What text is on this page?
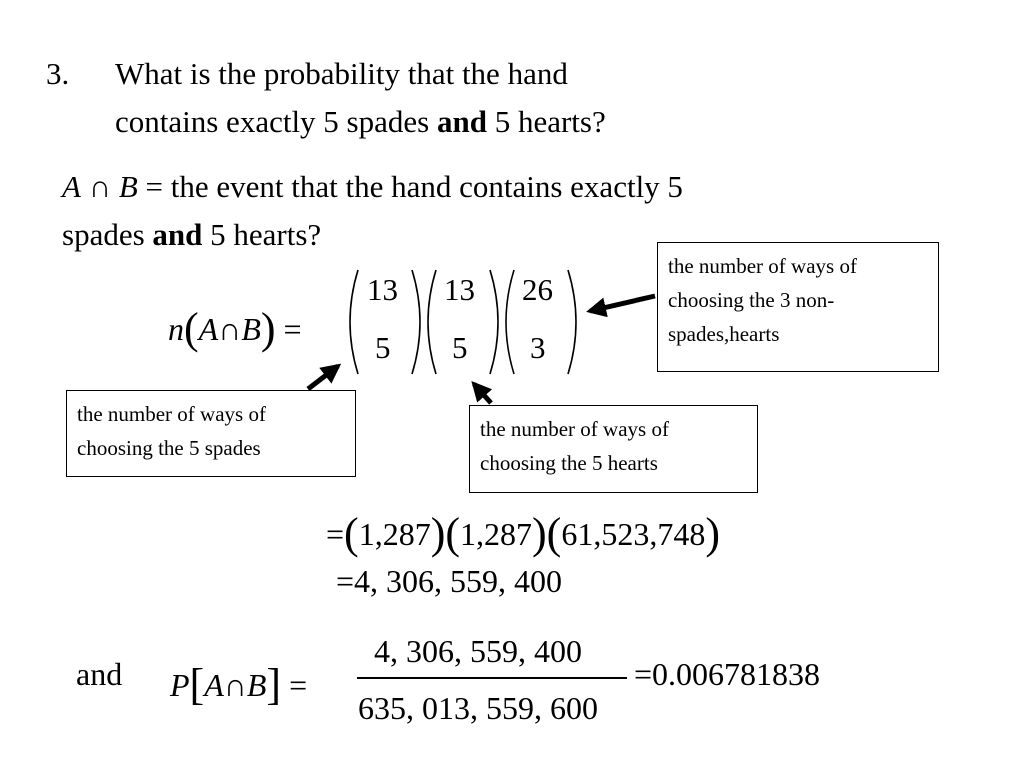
3. What is the probability that the hand
contains exactly 5 spades and 5 hearts?
A ∩ B = the event that the hand contains exactly 5
spades and 5 hearts?
n(A∩B) =
13
5
13
5
26
3
the number of ways of choosing the 3 non-spades,hearts
the number of ways of choosing the 5 spades
the number of ways of choosing the 5 hearts
=(1,287)(1,287)(61,523,748)
=4, 306, 559, 400
and P[A∩B] =
4, 306, 559, 400
635, 013, 559, 600
=0.006781838
